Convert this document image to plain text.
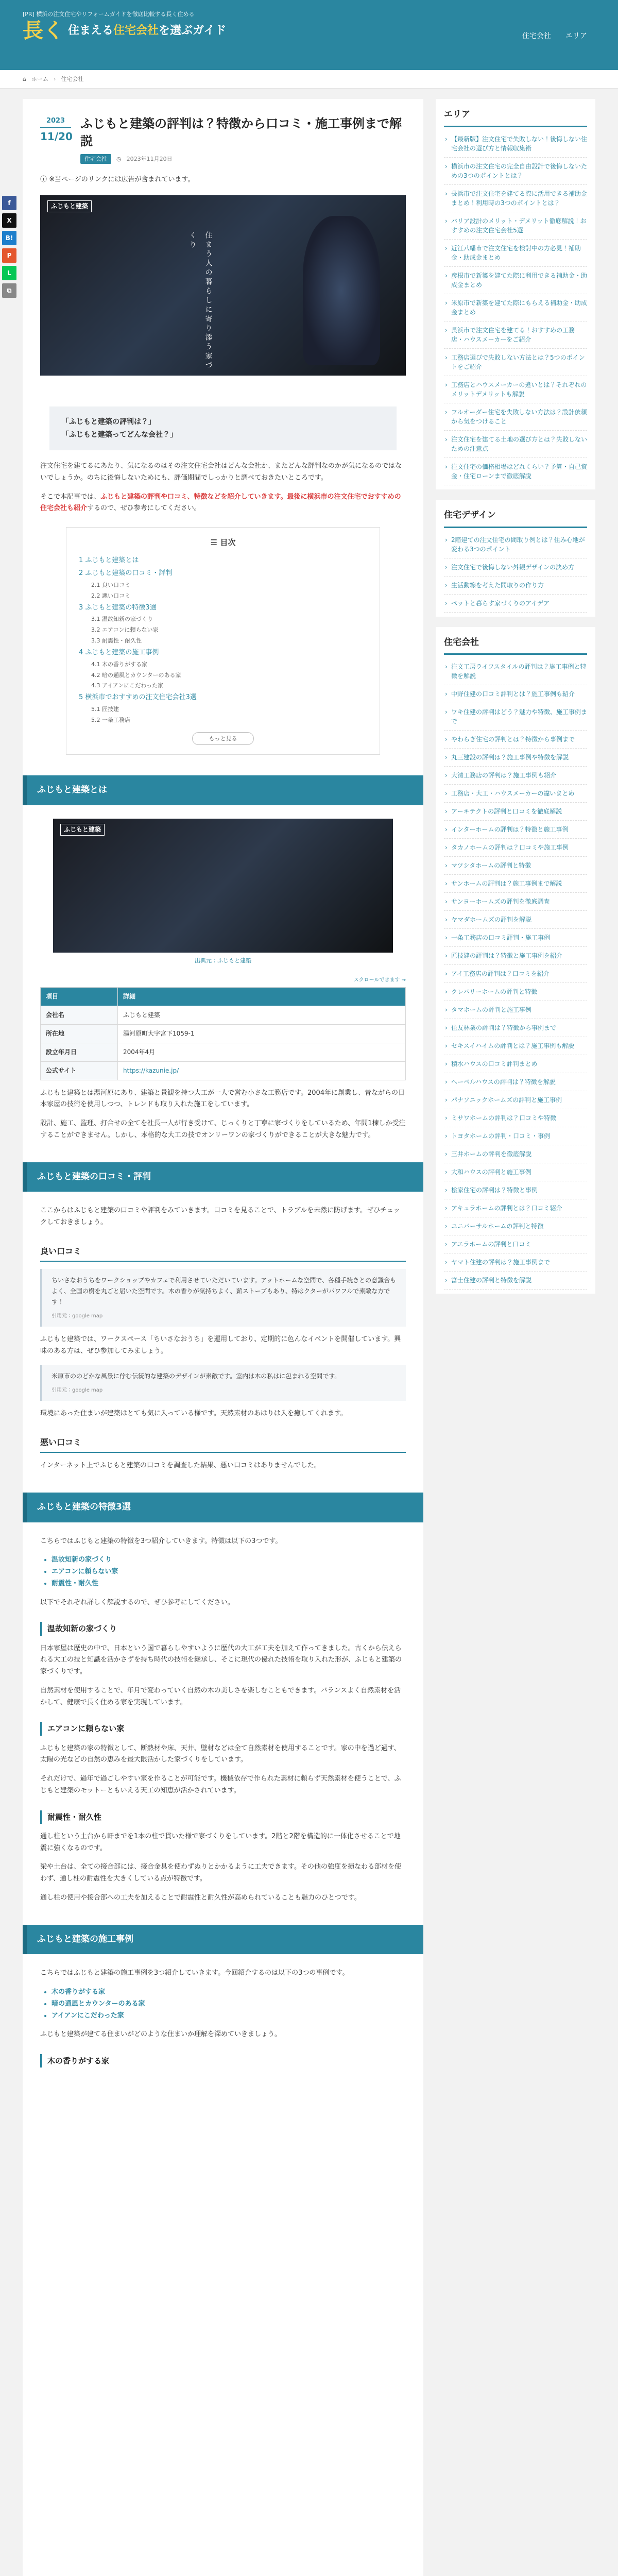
[PR] 横浜の注文住宅やリフォームガイドを徹底比較する長く住める
長く 住まえる住宅会社を選ぶガイド	住宅会社 エリア
⌂ ホーム › 住宅会社
f
X
B!
P
L
⧉
2023
11/20
ふじもと建築の評判は？特徴から口コミ・施工事例まで解説
住宅会社	◷ 2023年11月20日
ⓘ ※当ページのリンクには広告が含まれています。
ふじもと建築
住まう人の暮らしに寄り添う家づくり
「ふじもと建築の評判は？」
「ふじもと建築ってどんな会社？」

注文住宅を建てるにあたり、気になるのはその注文住宅会社はどんな会社か、またどんな評判なのかが気になるのではないでしょうか。のちに後悔しないためにも、評価期間でしっかりと調べておきたいところです。

そこで本記事では、ふじもと建築の評判や口コミ、特徴などを紹介していきます。最後に横浜市の注文住宅でおすすめの住宅会社も紹介するので、ぜひ参考にしてください。

☰ 目次
1 ふじもと建築とは
2 ふじもと建築の口コミ・評判
2.1 良い口コミ
2.2 悪い口コミ
3 ふじもと建築の特徴3選
3.1 温故知新の家づくり
3.2 エアコンに頼らない家
3.3 耐震性・耐久性
4 ふじもと建築の施工事例
4.1 木の香りがする家
4.2 暗の通風とカウンターのある家
4.3 アイアンにこだわった家
5 横浜市でおすすめの注文住宅会社3選
5.1 匠技建
5.2 一条工務店
もっと見る
ふじもと建築とは
ふじもと建築
出典元：ふじもと建築
スクロールできます →
項目	詳細
会社名	ふじもと建築
所在地	湯河原町大字宮下1059-1
設立年月日	2004年4月
公式サイト	https://kazunie.jp/

ふじもと建築とは湯河原にあり、建築と景観を持つ大工が一人で営む小さな工務店です。2004年に創業し、昔ながらの日本家屋の技術を使用しつつ、トレンドも取り入れた施工をしています。

設計、施工、監理、打合せの全てを社長一人が行き受けて、じっくりと丁寧に家づくりをしているため、年間1棟しか受注することができません。しかし、本格的な大工の技でオンリーワンの家づくりができることが大きな魅力です。

ふじもと建築の口コミ・評判

ここからはふじもと建築の口コミや評判をみていきます。口コミを見ることで、トラブルを未然に防げます。ぜひチェックしておきましょう。

良い口コミ
ちいさなおうちをワークショップやカフェで利用させていただいています。アットホームな空間で、各種手続きとの意識合もよく、全国の樹を丸ごと届いた空間です。木の香りが気持ちよく、薪ストーブもあり、特はクターがパワフルで素敵な方です！
引用元：google map

ふじもと建築では、ワークスペース「ちいさなおうち」を運用しており、定期的に色んなイベントを開催しています。興味のある方は、ぜひ参加してみましょう。

米原市ののどかな風景に佇む伝統的な建築のデザインが素敵です。室内は木の私はに包まれる空間です。
引用元：google map

環境にあった住まいが建築はとても気に入っている様です。天然素材のあはりは入を癒してくれます。

悪い口コミ

インターネット上でふじもと建築の口コミを調査した結果、悪い口コミはありませんでした。

ふじもと建築の特徴3選

こちらではふじもと建築の特徴を3つ紹介していきます。特徴は以下の3つです。

• 温故知新の家づくり
• エアコンに頼らない家
• 耐震性・耐久性

以下でそれぞれ詳しく解説するので、ぜひ参考にしてください。

温故知新の家づくり

日本家屋は歴史の中で、日本という国で暮らしやすいように歴代の大工が工夫を加えて作ってきました。古くから伝えられる大工の技と知識を活かさずを持ち時代の技術を継承し、そこに現代の優れた技術を取り入れた形が、ふじもと建築の家づくりです。

自然素材を使用することで、年月で変わっていく自然の木の美しさを楽しむこともできます。バランスよく自然素材を活かして、健康で長く住める家を実現しています。

エアコンに頼らない家

ふじもと建築の家の特徴として、断熱材や床、天井、壁材などは全て自然素材を使用することです。家の中を過ど過す、太陽の光などの自然の恵みを最大限活かした家づくりをしています。

それだけで、過年で過ごしやすい家を作ることが可能です。機械依存で作られた素材に頼らず天然素材を使うことで、ふじもと建築のモットーともいえる天工の知恵が活かされています。

耐震性・耐久性

通し柱という土台から軒までを1本の柱で貫いた様で家づくりをしています。2階と2階を構造的に一体化させることで地震に強くなるのです。

梁や土台は、全ての接合部には、接合金具を使わずぬりとかかるように工夫できます。その他の強度を損なわる部材を使わず、通し柱の耐震性を大きくしている点が特徴です。

通し柱の使用や接合部への工夫を加えることで耐震性と耐久性が高められていることも魅力のひとつです。

ふじもと建築の施工事例

こちらではふじもと建築の施工事例を3つ紹介していきます。今回紹介するのは以下の3つの事例です。

• 木の香りがする家
• 暗の通風とカウンターのある家
• アイアンにこだわった家

ふじもと建築が建てる住まいがどのような住まいか理解を深めていきましょう。

木の香りがする家
エリア
› 【最新版】注文住宅で失敗しない！後悔しない住宅会社の選び方と情報収集術
› 横浜市の注文住宅の完全自由設計で後悔しないための3つのポイントとは？
› 長浜市で注文住宅を建てる際に活用できる補助金まとめ！利用時の3つのポイントとは？
› バリア設計のメリット・デメリット徹底解説！おすすめの注文住宅会社5選
› 近江八幡市で注文住宅を検討中の方必見！補助金・助成金まとめ
› 彦根市で新築を建てた際に利用できる補助金・助成金まとめ
› 米原市で新築を建てた際にもらえる補助金・助成金まとめ
› 長浜市で注文住宅を建てる！おすすめの工務店・ハウスメーカーをご紹介
› 工務店選びで失敗しない方法とは？5つのポイントをご紹介
› 工務店とハウスメーカーの違いとは？それぞれのメリットデメリットも解説
› フルオーダー住宅を失敗しない方法は？設計依頼から気をつけること
› 注文住宅を建てる土地の選び方とは？失敗しないための注意点
› 注文住宅の価格相場はどれくらい？予算・自己資金・住宅ローンまで徹底解説
住宅デザイン
› 2階建ての注文住宅の間取り例とは？住み心地が変わる3つのポイント
› 注文住宅で後悔しない外観デザインの決め方
› 生活動線を考えた間取りの作り方
› ペットと暮らす家づくりのアイデア
住宅会社
› 注文工房ライフスタイルの評判は？施工事例と特徴を解説
› 中野住建の口コミ評判とは？施工事例も紹介
› ワキ住建の評判はどう？魅力や特徴、施工事例まで
› やわらぎ住宅の評判とは？特徴から事例まで
› 丸三建設の評判は？施工事例や特徴を解説
› 大清工務店の評判は？施工事例も紹介
› 工務店・大工・ハウスメーカーの違いまとめ
› アーキテクトの評判と口コミを徹底解説
› インターホームの評判は？特徴と施工事例
› タカノホームの評判は？口コミや施工事例
› マツシタホームの評判と特徴
› サンホームの評判は？施工事例まで解説
› サンヨーホームズの評判を徹底調査
› ヤマダホームズの評判を解説
› 一条工務店の口コミ評判・施工事例
› 匠技建の評判は？特徴と施工事例を紹介
› アイ工務店の評判は？口コミを紹介
› クレバリーホームの評判と特徴
› タマホームの評判と施工事例
› 住友林業の評判は？特徴から事例まで
› セキスイハイムの評判とは？施工事例も解説
› 積水ハウスの口コミ評判まとめ
› ヘーベルハウスの評判は？特徴を解説
› パナソニックホームズの評判と施工事例
› ミサワホームの評判は？口コミや特徴
› トヨタホームの評判・口コミ・事例
› 三井ホームの評判を徹底解説
› 大和ハウスの評判と施工事例
› 桧家住宅の評判は？特徴と事例
› アキュラホームの評判とは？口コミ紹介
› ユニバーサルホームの評判と特徴
› アエラホームの評判と口コミ
› ヤマト住建の評判は？施工事例まで
› 富士住建の評判と特徴を解説
